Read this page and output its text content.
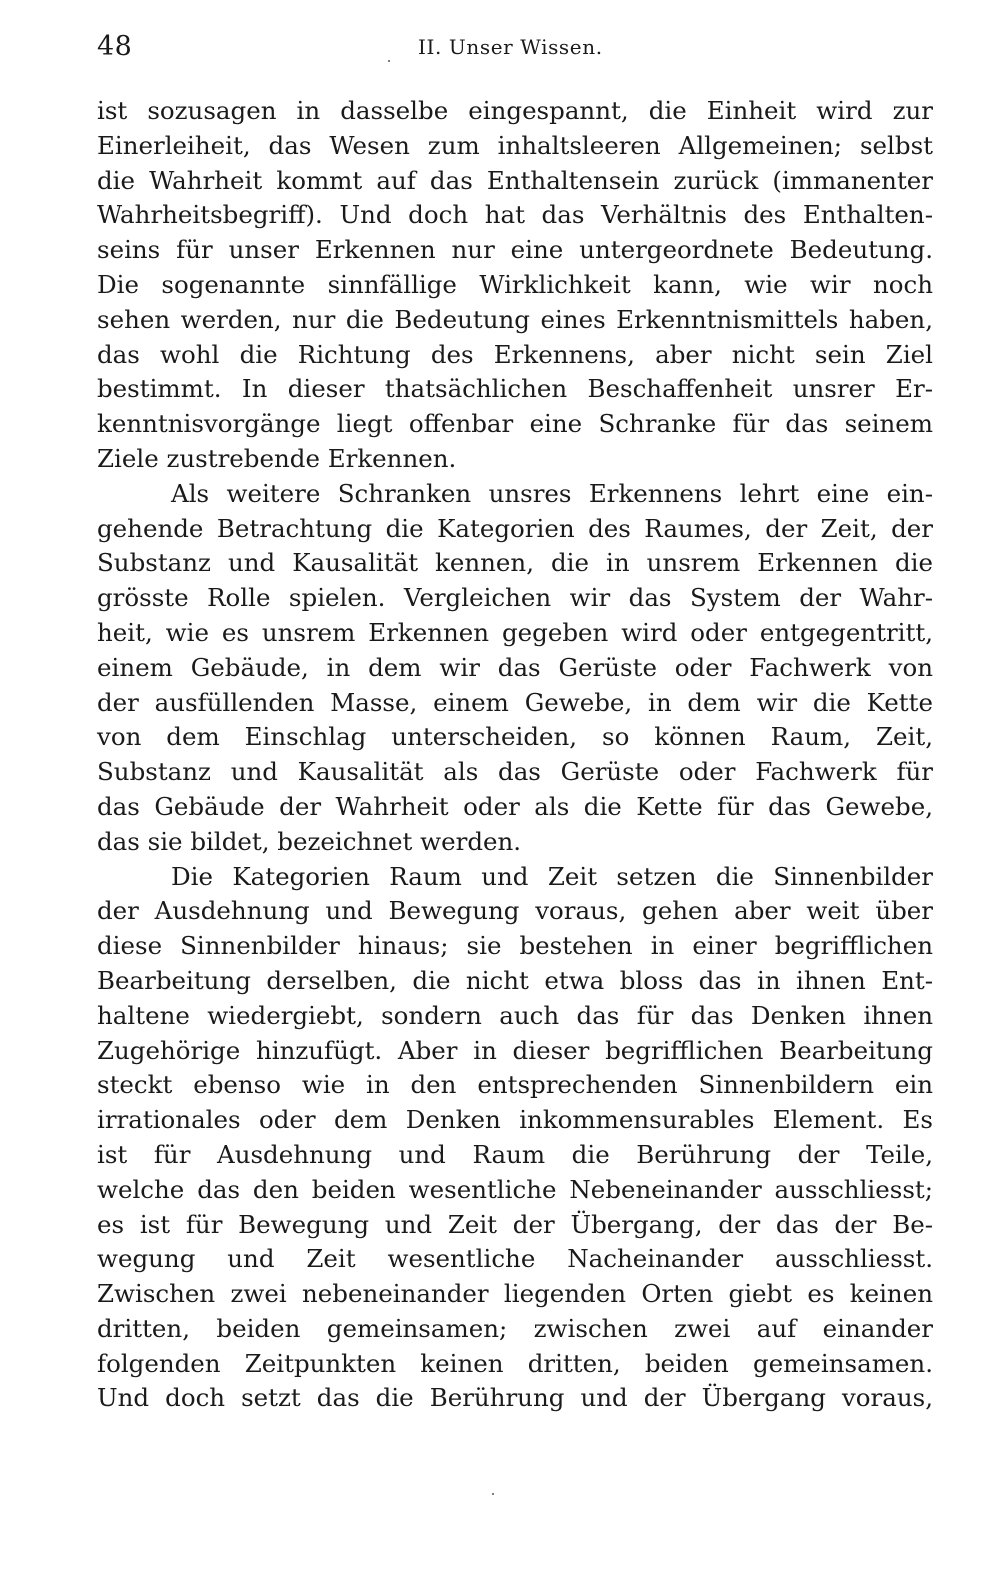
48	II. Unser Wissen.
ist sozusagen in dasselbe eingespannt, die Einheit wird zur
Einerleiheit, das Wesen zum inhaltsleeren Allgemeinen; selbst
die Wahrheit kommt auf das Enthaltensein zurück (immanenter
Wahrheitsbegriff). Und doch hat das Verhältnis des Enthalten-
seins für unser Erkennen nur eine untergeordnete Bedeutung.
Die sogenannte sinnfällige Wirklichkeit kann, wie wir noch
sehen werden, nur die Bedeutung eines Erkenntnismittels haben,
das wohl die Richtung des Erkennens, aber nicht sein Ziel
bestimmt. In dieser thatsächlichen Beschaffenheit unsrer Er-
kenntnisvorgänge liegt offenbar eine Schranke für das seinem
Ziele zustrebende Erkennen.
Als weitere Schranken unsres Erkennens lehrt eine ein-
gehende Betrachtung die Kategorien des Raumes, der Zeit, der
Substanz und Kausalität kennen, die in unsrem Erkennen die
grösste Rolle spielen. Vergleichen wir das System der Wahr-
heit, wie es unsrem Erkennen gegeben wird oder entgegentritt,
einem Gebäude, in dem wir das Gerüste oder Fachwerk von
der ausfüllenden Masse, einem Gewebe, in dem wir die Kette
von dem Einschlag unterscheiden, so können Raum, Zeit,
Substanz und Kausalität als das Gerüste oder Fachwerk für
das Gebäude der Wahrheit oder als die Kette für das Gewebe,
das sie bildet, bezeichnet werden.
Die Kategorien Raum und Zeit setzen die Sinnenbilder
der Ausdehnung und Bewegung voraus, gehen aber weit über
diese Sinnenbilder hinaus; sie bestehen in einer begrifflichen
Bearbeitung derselben, die nicht etwa bloss das in ihnen Ent-
haltene wiedergiebt, sondern auch das für das Denken ihnen
Zugehörige hinzufügt. Aber in dieser begrifflichen Bearbeitung
steckt ebenso wie in den entsprechenden Sinnenbildern ein
irrationales oder dem Denken inkommensurables Element. Es
ist für Ausdehnung und Raum die Berührung der Teile,
welche das den beiden wesentliche Nebeneinander ausschliesst;
es ist für Bewegung und Zeit der Übergang, der das der Be-
wegung und Zeit wesentliche Nacheinander ausschliesst.
Zwischen zwei nebeneinander liegenden Orten giebt es keinen
dritten, beiden gemeinsamen; zwischen zwei auf einander
folgenden Zeitpunkten keinen dritten, beiden gemeinsamen.
Und doch setzt das die Berührung und der Übergang voraus,
